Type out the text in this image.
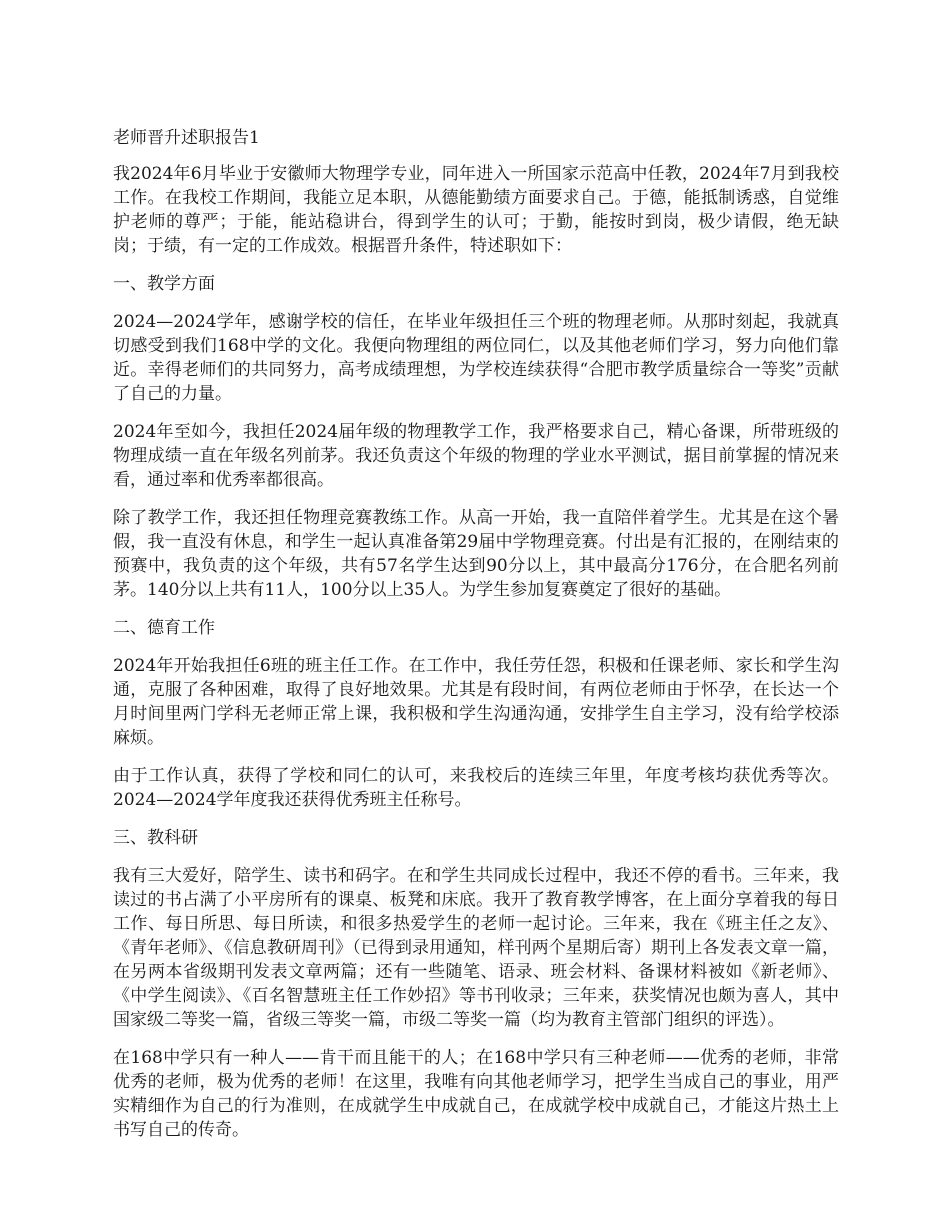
老师晋升述职报告1

我2024年6月毕业于安徽师大物理学专业，同年进入一所国家示范高中任教，2024年7月到我校工作。在我校工作期间，我能立足本职，从德能勤绩方面要求自己。于德，能抵制诱惑，自觉维护老师的尊严；于能，能站稳讲台，得到学生的认可；于勤，能按时到岗，极少请假，绝无缺岗；于绩，有一定的工作成效。根据晋升条件，特述职如下：

一、教学方面

2024—2024学年，感谢学校的信任，在毕业年级担任三个班的物理老师。从那时刻起，我就真切感受到我们168中学的文化。我便向物理组的两位同仁，以及其他老师们学习，努力向他们靠近。幸得老师们的共同努力，高考成绩理想，为学校连续获得“合肥市教学质量综合一等奖”贡献了自己的力量。

2024年至如今，我担任2024届年级的物理教学工作，我严格要求自己，精心备课，所带班级的物理成绩一直在年级名列前茅。我还负责这个年级的物理的学业水平测试，据目前掌握的情况来看，通过率和优秀率都很高。

除了教学工作，我还担任物理竞赛教练工作。从高一开始，我一直陪伴着学生。尤其是在这个暑假，我一直没有休息，和学生一起认真准备第29届中学物理竞赛。付出是有汇报的，在刚结束的预赛中，我负责的这个年级，共有57名学生达到90分以上，其中最高分176分，在合肥名列前茅。140分以上共有11人，100分以上35人。为学生参加复赛奠定了很好的基础。

二、德育工作

2024年开始我担任6班的班主任工作。在工作中，我任劳任怨，积极和任课老师、家长和学生沟通，克服了各种困难，取得了良好地效果。尤其是有段时间，有两位老师由于怀孕，在长达一个月时间里两门学科无老师正常上课，我积极和学生沟通沟通，安排学生自主学习，没有给学校添麻烦。

由于工作认真，获得了学校和同仁的认可，来我校后的连续三年里，年度考核均获优秀等次。2024—2024学年度我还获得优秀班主任称号。

三、教科研

我有三大爱好，陪学生、读书和码字。在和学生共同成长过程中，我还不停的看书。三年来，我读过的书占满了小平房所有的课桌、板凳和床底。我开了教育教学博客，在上面分享着我的每日工作、每日所思、每日所读，和很多热爱学生的老师一起讨论。三年来，我在《班主任之友》、《青年老师》、《信息教研周刊》（已得到录用通知，样刊两个星期后寄）期刊上各发表文章一篇，在另两本省级期刊发表文章两篇；还有一些随笔、语录、班会材料、备课材料被如《新老师》、《中学生阅读》、《百名智慧班主任工作妙招》等书刊收录；三年来，获奖情况也颇为喜人，其中国家级二等奖一篇，省级三等奖一篇，市级二等奖一篇（均为教育主管部门组织的评选）。

在168中学只有一种人——肯干而且能干的人；在168中学只有三种老师——优秀的老师，非常优秀的老师，极为优秀的老师！在这里，我唯有向其他老师学习，把学生当成自己的事业，用严实精细作为自己的行为准则，在成就学生中成就自己，在成就学校中成就自己，才能这片热土上书写自己的传奇。
